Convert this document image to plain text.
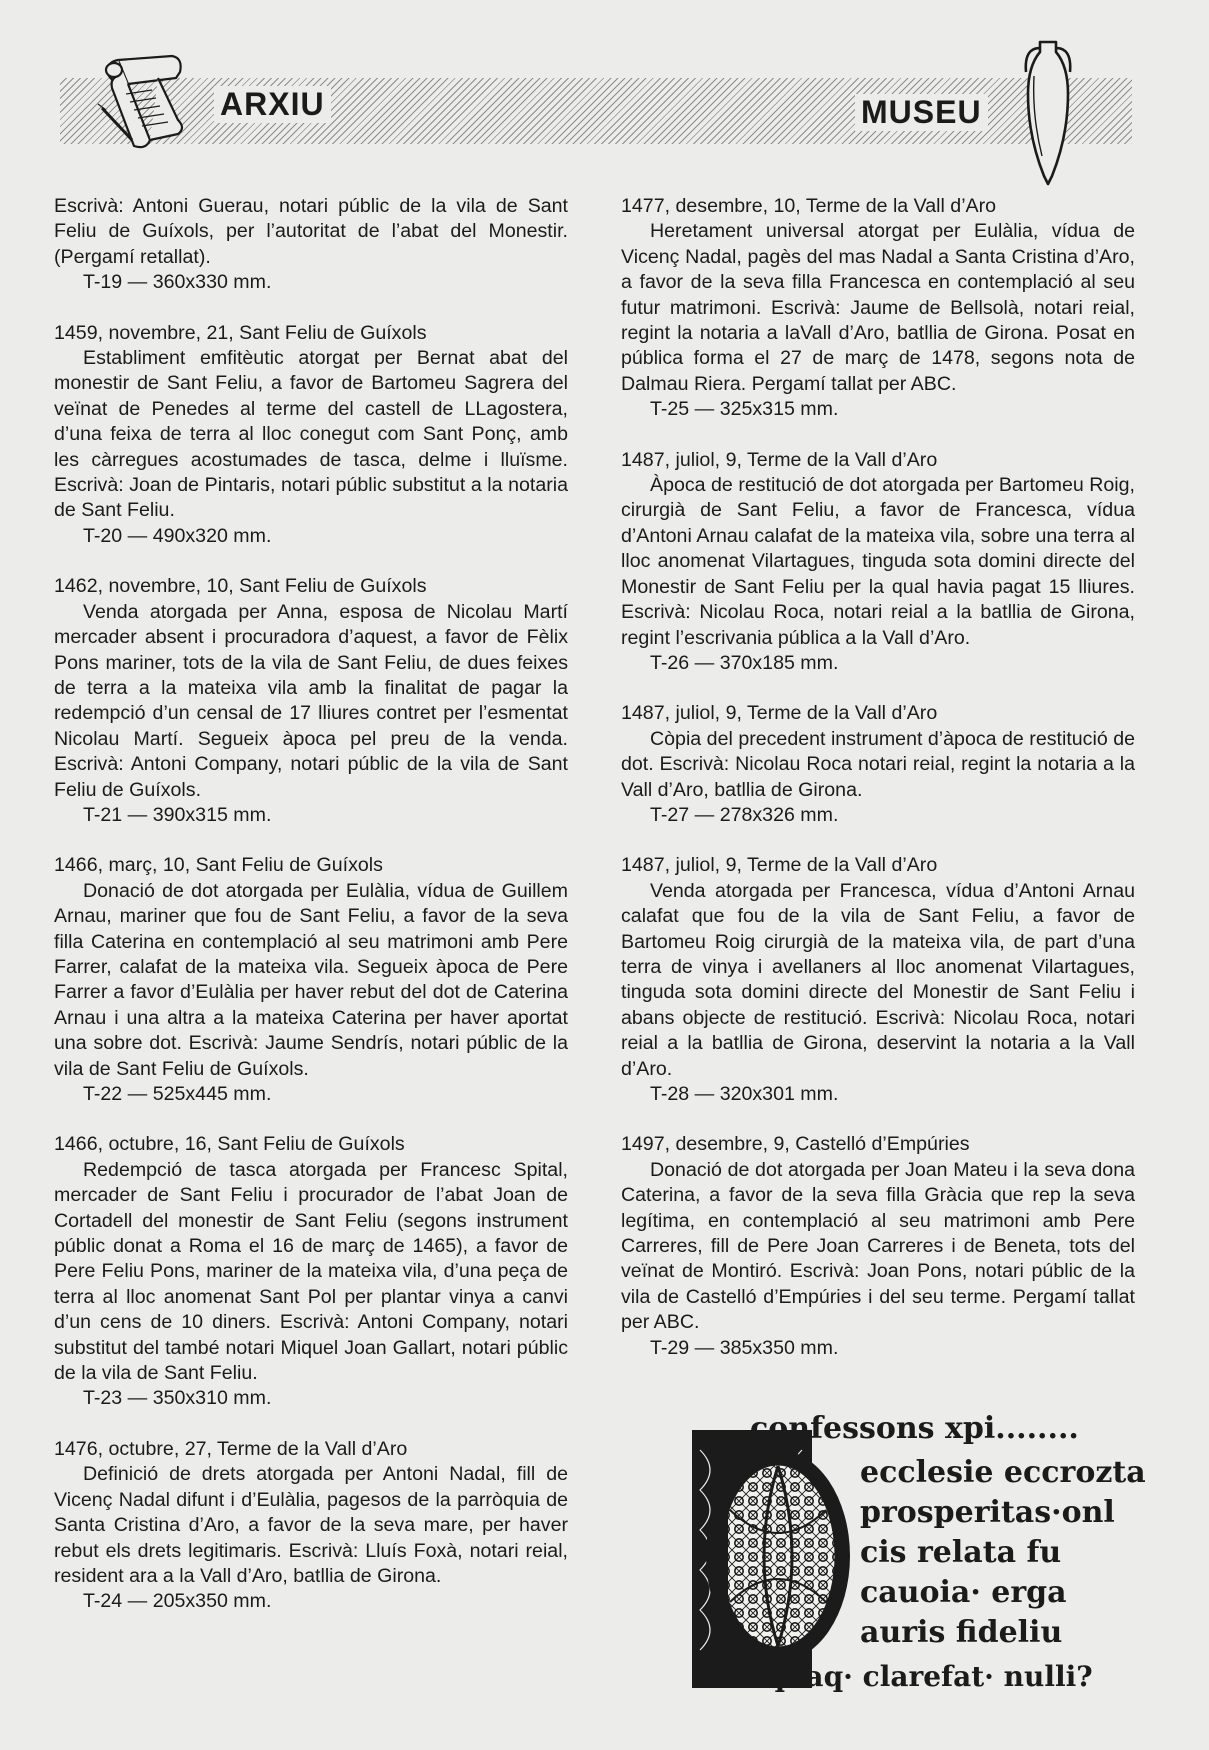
ARXIU	MUSEU

Escrivà: Antoni Guerau, notari públic de la vila de Sant Feliu de Guíxols, per l’autoritat de l’abat del Monestir. (Pergamí retallat).

T-19 — 360x330 mm.

1459, novembre, 21, Sant Feliu de Guíxols

Establiment emfitèutic atorgat per Bernat abat del monestir de Sant Feliu, a favor de Bartomeu Sagrera del veïnat de Penedes al terme del castell de LLagostera, d’una feixa de terra al lloc conegut com Sant Ponç, amb les càrregues acostumades de tasca, delme i lluïsme. Escrivà: Joan de Pintaris, notari públic substitut a la notaria de Sant Feliu.

T-20 — 490x320 mm.

1462, novembre, 10, Sant Feliu de Guíxols

Venda atorgada per Anna, esposa de Nicolau Martí mercader absent i procuradora d’aquest, a favor de Fèlix Pons mariner, tots de la vila de Sant Feliu, de dues feixes de terra a la mateixa vila amb la finalitat de pagar la redempció d’un censal de 17 lliures contret per l’esmentat Nicolau Martí. Segueix àpoca pel preu de la venda. Escrivà: Antoni Company, notari públic de la vila de Sant Feliu de Guíxols.

T-21 — 390x315 mm.

1466, març, 10, Sant Feliu de Guíxols

Donació de dot atorgada per Eulàlia, vídua de Guillem Arnau, mariner que fou de Sant Feliu, a favor de la seva filla Caterina en contemplació al seu matrimoni amb Pere Farrer, calafat de la mateixa vila. Segueix àpoca de Pere Farrer a favor d’Eulàlia per haver rebut del dot de Caterina Arnau i una altra a la mateixa Caterina per haver aportat una sobre dot. Escrivà: Jaume Sendrís, notari públic de la vila de Sant Feliu de Guíxols.

T-22 — 525x445 mm.

1466, octubre, 16, Sant Feliu de Guíxols

Redempció de tasca atorgada per Francesc Spital, mercader de Sant Feliu i procurador de l’abat Joan de Cortadell del monestir de Sant Feliu (segons instrument públic donat a Roma el 16 de març de 1465), a favor de Pere Feliu Pons, mariner de la mateixa vila, d’una peça de terra al lloc anomenat Sant Pol per plantar vinya a canvi d’un cens de 10 diners. Escrivà: Antoni Company, notari substitut del també notari Miquel Joan Gallart, notari públic de la vila de Sant Feliu.

T-23 — 350x310 mm.

1476, octubre, 27, Terme de la Vall d’Aro

Definició de drets atorgada per Antoni Nadal, fill de Vicenç Nadal difunt i d’Eulàlia, pagesos de la parròquia de Santa Cristina d’Aro, a favor de la seva mare, per haver rebut els drets legitimaris. Escrivà: Lluís Foxà, notari reial, resident ara a la Vall d’Aro, batllia de Girona.

T-24 — 205x350 mm.

1477, desembre, 10, Terme de la Vall d’Aro

Heretament universal atorgat per Eulàlia, vídua de Vicenç Nadal, pagès del mas Nadal a Santa Cristina d’Aro, a favor de la seva filla Francesca en contemplació al seu futur matrimoni. Escrivà: Jaume de Bellsolà, notari reial, regint la notaria a laVall d’Aro, batllia de Girona. Posat en pública forma el 27 de març de 1478, segons nota de Dalmau Riera. Pergamí tallat per ABC.

T-25 — 325x315 mm.

1487, juliol, 9, Terme de la Vall d’Aro

Àpoca de restitució de dot atorgada per Bartomeu Roig, cirurgià de Sant Feliu, a favor de Francesca, vídua d’Antoni Arnau calafat de la mateixa vila, sobre una terra al lloc anomenat Vilartagues, tinguda sota domini directe del Monestir de Sant Feliu per la qual havia pagat 15 lliures. Escrivà: Nicolau Roca, notari reial a la batllia de Girona, regint l’escrivania pública a la Vall d’Aro.

T-26 — 370x185 mm.

1487, juliol, 9, Terme de la Vall d’Aro

Còpia del precedent instrument d’àpoca de restitució de dot. Escrivà: Nicolau Roca notari reial, regint la notaria a la Vall d’Aro, batllia de Girona.

T-27 — 278x326 mm.

1487, juliol, 9, Terme de la Vall d’Aro

Venda atorgada per Francesca, vídua d’Antoni Arnau calafat que fou de la vila de Sant Feliu, a favor de Bartomeu Roig cirurgià de la mateixa vila, de part d’una terra de vinya i avellaners al lloc anomenat Vilartagues, tinguda sota domini directe del Monestir de Sant Feliu i abans objecte de restitució. Escrivà: Nicolau Roca, notari reial a la batllia de Girona, deservint la notaria a la Vall d’Aro.

T-28 — 320x301 mm.

1497, desembre, 9, Castelló d’Empúries

Donació de dot atorgada per Joan Mateu i la seva dona Caterina, a favor de la seva filla Gràcia que rep la seva legítima, en contemplació al seu matrimoni amb Pere Carreres, fill de Pere Joan Carreres i de Beneta, tots del veïnat de Montiró. Escrivà: Joan Pons, notari públic de la vila de Castelló d’Empúries i del seu terme. Pergamí tallat per ABC.

T-29 — 385x350 mm.

confessons xpi........
ecclesie eccrozta
prosperitas·onl
cis relata fu
cauoia· erga
auris fideliu
anuiqnaq· clarefat· nulli?
